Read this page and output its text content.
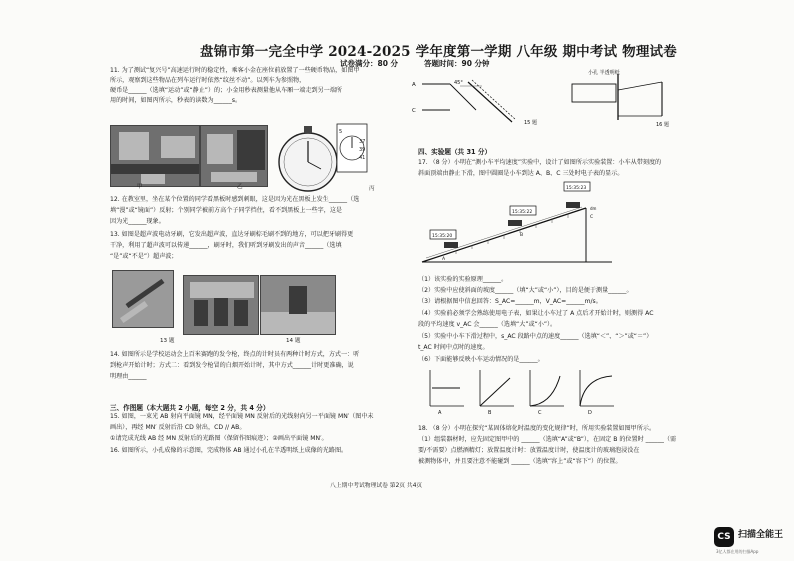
盘锦市第一完全中学 2024-2025 学年度第一学期 八年级 期中考试 物理试卷
试卷满分：80 分	答题时间：90 分钟
11. 为了测试“复兴号”高速运行时的稳定性，乘客小金在座位前放置了一些硬币物品，如图甲
所示，观察到这些物品在列车运行时依然“纹丝不动”。以列车为参照物，
硬币是______（选填“运动”或“静止”）的；小金用秒表测量他从车厢一端走到另一端所
用的时间，如图丙所示，秒表的读数为______s。
甲	乙
5
37
39
41
丙
12. 在教室里，坐在某个位置的同学看黑板时感到刺眼，这是因为光在黑板上发生______（选
填“漫”或“镜面”）反射；个别同学被前方高个子同学挡住，看不到黑板上一些字，这是
因为光______现象。
13. 如图是超声波电动牙刷，它发出超声波，直达牙刷棕毛刷不到的地方，可以把牙刷得更
干净，利用了超声波可以传递______，刷牙时，我们听到牙刷发出的声音______（选填
“是”或“不是”）超声波；
13 题	14 题
14. 如图所示是学校运动会上百米赛跑的发令枪，终点的计时员有两种计时方式，方式一：听
到枪声开始计时；方式二：看到发令枪冒的白烟开始计时，其中方式______计时更准确，说
明理由______
三、作图题（本大题共 2 小题，每空 2 分，共 4 分）
15. 如图，一束光 AB 射向平面镜 MN，经平面镜 MN 反射后的光线射向另一平面镜 MN′（图中未
画出），再经 MN′ 反射后沿 CD 射出，CD // AB。
①请完成光线 AB 经 MN 反射后的光路图（保留作图痕迹）；②画出平面镜 MN′。
16. 如图所示，小孔成像的示意图，完成物体 AB 通过小孔在半透明纸上成像的光路图。
A
C
45°
15 题
小孔 半透明纸
16 题
四、实验题（共 31 分）
17. （8 分）小明在“测小车平均速度”实验中，设计了如图所示实验装置：小车从带刻度的
斜面顶端由静止下滑，图中圆圈是小车到达 A、B、C 三处时电子表的显示。
15:35:20
15:35:22
15:35:23
A
B
C
dm
（1）该实验的实验原理______。
（2）实验中应使斜面的坡度______（填“大”或“小”），目的是便于测量______。
（3）请根据图中信息回答：S_AC=______m，V_AC=______m/s。
（4）实验前必须学会熟练使用电子表，如果让小车过了 A 点后才开始计时，则测得 AC
段的平均速度 v_AC 会______（选填“大”或“小”）。
（5）实验中小车下滑过程中，s_AC 段路中点的速度______（选填“＜”、“＞”或“＝”）
t_AC 时间中点时的速度。
（6）下面能够反映小车运动情况的是______。
A	B	C	D
18. （8 分）小明在探究“某固体熔化时温度的变化规律”时，所用实验装置如图甲所示。
（1）组装器材时，应先固定图甲中的 ______（选填“A”或“B”），在固定 B 的位置时 ______（需
要/不需要）点燃酒精灯；放置温度计时：放置温度计时，使温度计的玻璃泡浸没在
被测物体中，并且要注意不能碰到 ______（选填“容上”或“容下”）的位置。
八上期中考试物理试卷 第2页 共4页
CS 扫描全能王
3亿人都在用的扫描App
